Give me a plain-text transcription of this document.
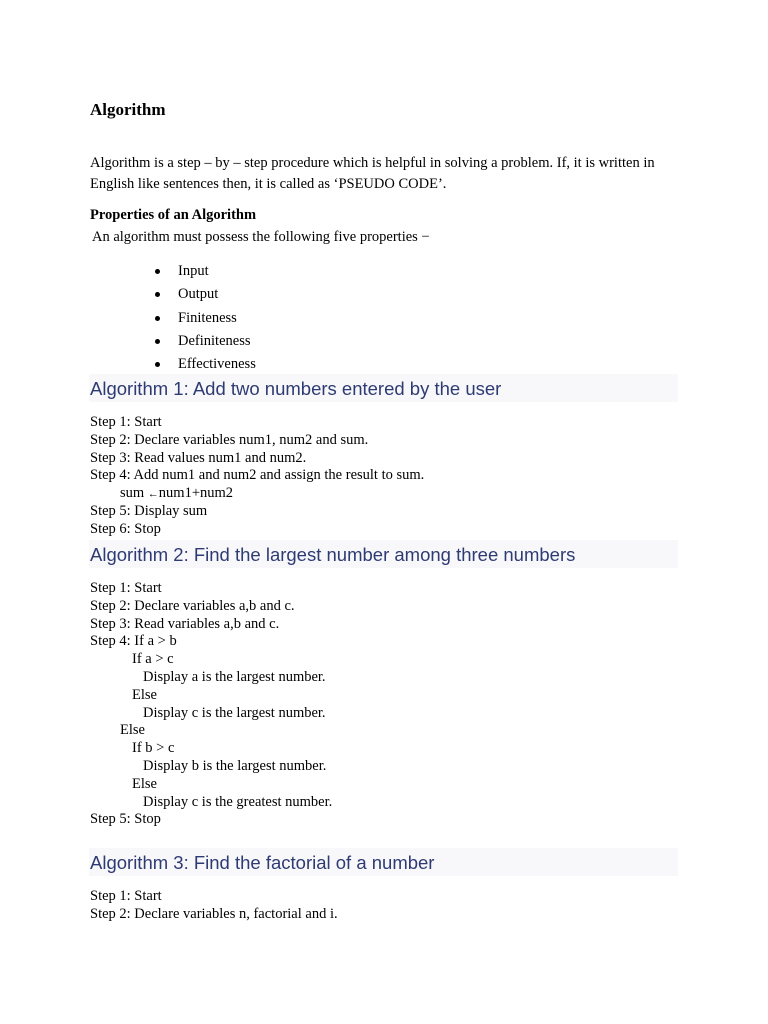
Algorithm
Algorithm is a step – by – step procedure which is helpful in solving a problem. If, it is written in English like sentences then, it is called as ‘PSEUDO CODE’.
Properties of an Algorithm
An algorithm must possess the following five properties −
Input
Output
Finiteness
Definiteness
Effectiveness
Algorithm 1: Add two numbers entered by the user
Step 1: Start
Step 2: Declare variables num1, num2 and sum.
Step 3: Read values num1 and num2.
Step 4: Add num1 and num2 and assign the result to sum.
sum ←num1+num2
Step 5: Display sum
Step 6: Stop
Algorithm 2: Find the largest number among three numbers
Step 1: Start
Step 2: Declare variables a,b and c.
Step 3: Read variables a,b and c.
Step 4: If a > b
If a > c
Display a is the largest number.
Else
Display c is the largest number.
Else
If b > c
Display b is the largest number.
Else
Display c is the greatest number.
Step 5: Stop
Algorithm 3: Find the factorial of a number
Step 1: Start
Step 2: Declare variables n, factorial and i.
